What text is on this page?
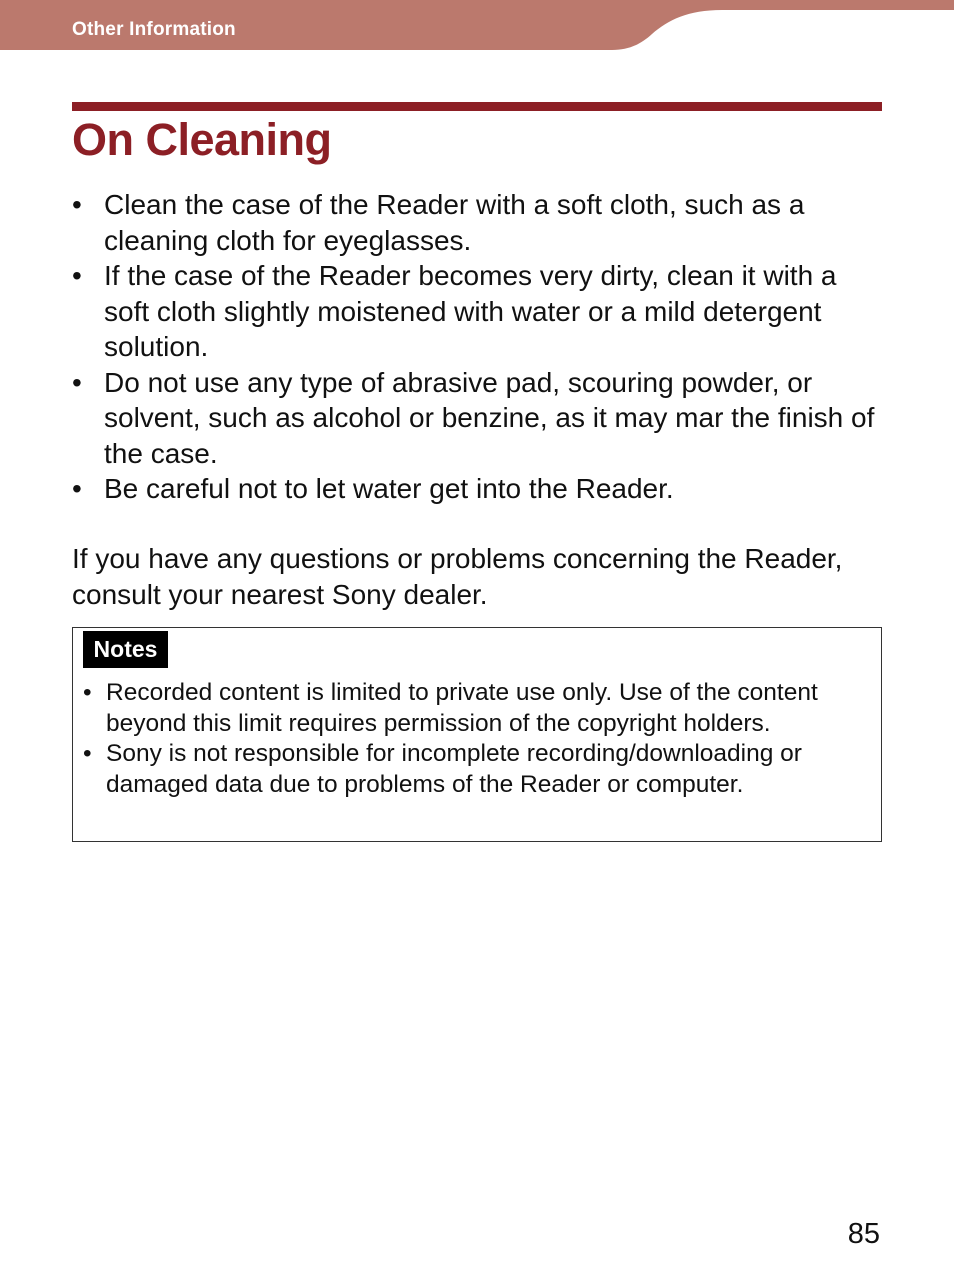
Other Information
On Cleaning
• Clean the case of the Reader with a soft cloth, such as a cleaning cloth for eyeglasses.
• If the case of the Reader becomes very dirty, clean it with a soft cloth slightly moistened with water or a mild detergent solution.
• Do not use any type of abrasive pad, scouring powder, or solvent, such as alcohol or benzine, as it may mar the finish of the case.
• Be careful not to let water get into the Reader.

If you have any questions or problems concerning the Reader, consult your nearest Sony dealer.

Notes
• Recorded content is limited to private use only. Use of the content beyond this limit requires permission of the copyright holders.
• Sony is not responsible for incomplete recording/downloading or damaged data due to problems of the Reader or computer.
85
